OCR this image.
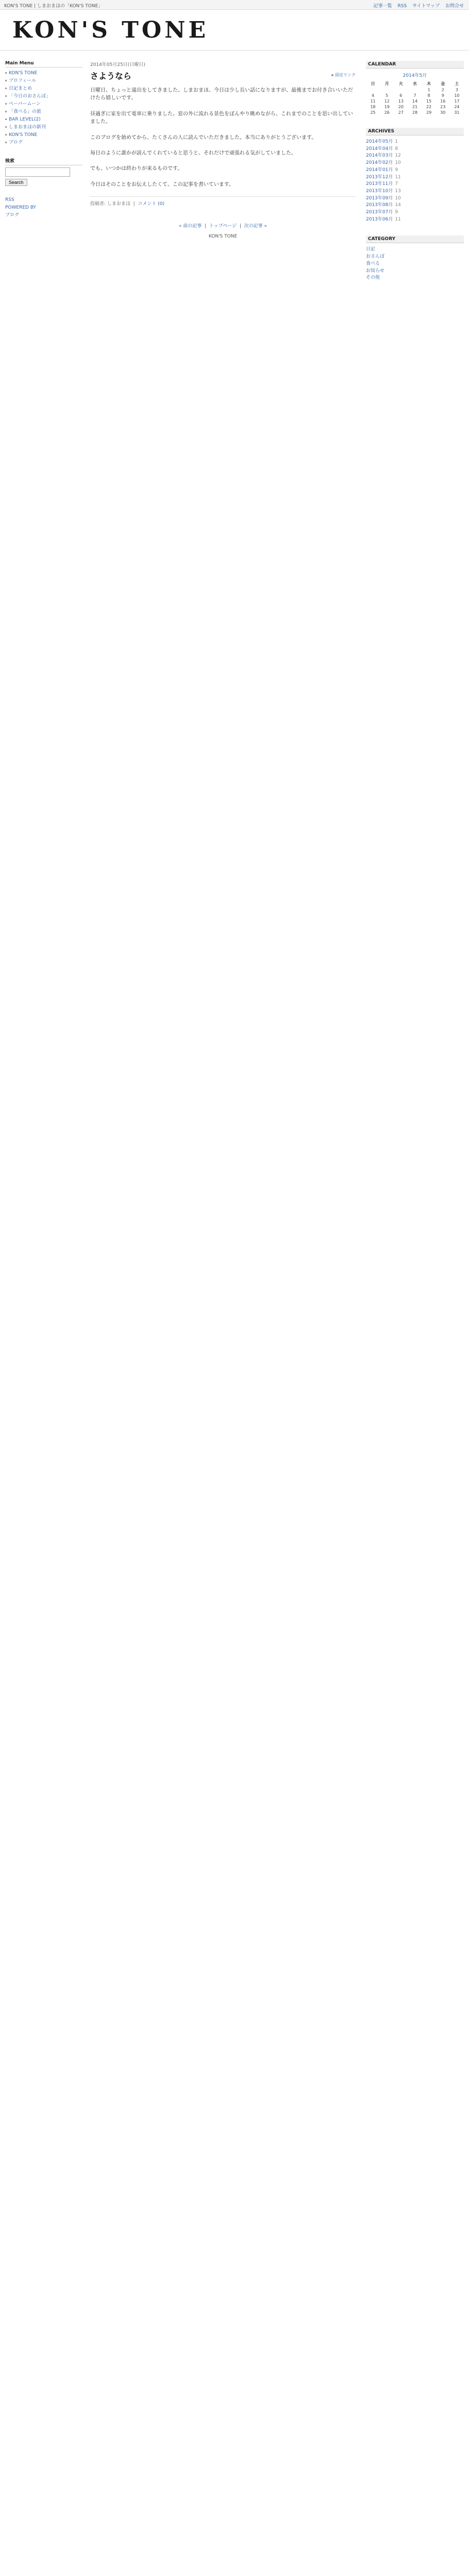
KON'S TONE | しまおまほの「KON'S TONE」	記事一覧 RSS サイトマップ お問合せ
KON'S TONE
Main Menu
KON'S TONE
プロフィール
日記まとめ
「今日のおさんぽ」
ペーパームーン
「食べる」の旅
BAR LEVEL(2)
しまおまほの新刊
KON'S TONE
ブログ
検索
Search
RSS
POWERED BY
ブログ
2014年05月25日(日曜日)
▸ 固定リンク
さようなら

日曜日、ちょっと遠出をしてきました。しまおまほ、今日は少し長い話になりますが、最後までお付き合いいただけたら嬉しいです。

昼過ぎに家を出て電車に乗りました。窓の外に流れる景色をぼんやり眺めながら、これまでのことを思い出していました。

このブログを始めてから、たくさんの人に読んでいただきました。本当にありがとうございます。

毎日のように誰かが読んでくれていると思うと、それだけで頑張れる気がしていました。

でも、いつかは終わりが来るものです。

今日はそのことをお伝えしたくて、この記事を書いています。

投稿者: しまおまほ  |  コメント (0)
« 前の記事  |  トップページ  |  次の記事 »
KON'S TONE
CALENDAR
2014年5月
日	月	火	水	木	金	土
				1	2	3
4	5	6	7	8	9	10
11	12	13	14	15	16	17
18	19	20	21	22	23	24
25	26	27	28	29	30	31
ARCHIVES
2014年05月 1
2014年04月 8
2014年03月 12
2014年02月 10
2014年01月 9
2013年12月 11
2013年11月 7
2013年10月 13
2013年09月 10
2013年08月 14
2013年07月 9
2013年06月 11
CATEGORY
日記
おさんぽ
食べる
お知らせ
その他
